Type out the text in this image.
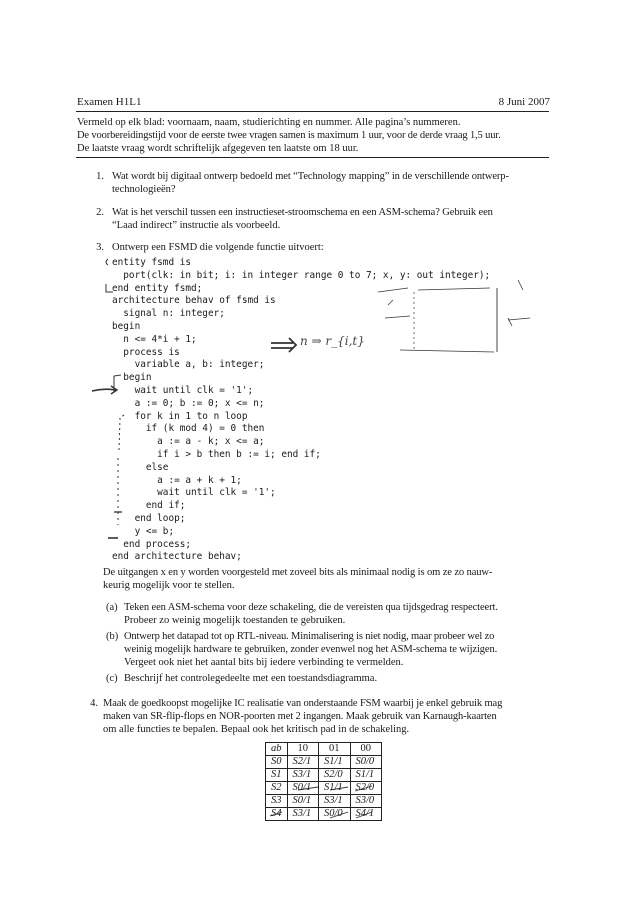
Examen H1L1	8 Juni 2007
Vermeld op elk blad: voornaam, naam, studierichting en nummer. Alle pagina’s nummeren.
De voorbereidingstijd voor de eerste twee vragen samen is maximum 1 uur, voor de derde vraag 1,5 uur.
De laatste vraag wordt schriftelijk afgegeven ten laatste om 18 uur.
1. Wat wordt bij digitaal ontwerp bedoeld met “Technology mapping” in de verschillende ontwerp-
technologieën?
2. Wat is het verschil tussen een instructieset-stroomschema en een ASM-schema? Gebruik een
“Laad indirect” instructie als voorbeeld.
3. Ontwerp een FSMD die volgende functie uitvoert:
entity fsmd is
port(clk: in bit; i: in integer range 0 to 7; x, y: out integer);
end entity fsmd;
architecture behav of fsmd is
signal n: integer;
begin
n <= 4*i + 1;
process is
variable a, b: integer;
begin
wait until clk = '1';
a := 0; b := 0; x <= n;
for k in 1 to n loop
if (k mod 4) = 0 then
a := a - k; x <= a;
if i > b then b := i; end if;
else
a := a + k + 1;
wait until clk = '1';
end if;
end loop;
y <= b;
end process;
end architecture behav;
n ⇒ r_{i,t}
De uitgangen x en y worden voorgesteld met zoveel bits als minimaal nodig is om ze zo nauw-
keurig mogelijk voor te stellen.
(a) Teken een ASM-schema voor deze schakeling, die de vereisten qua tijdsgedrag respecteert.
Probeer zo weinig mogelijk toestanden te gebruiken.
(b) Ontwerp het datapad tot op RTL-niveau. Minimalisering is niet nodig, maar probeer wel zo
weinig mogelijk hardware te gebruiken, zonder evenwel nog het ASM-schema te wijzigen.
Vergeet ook niet het aantal bits bij iedere verbinding te vermelden.
(c) Beschrijf het controlegedeelte met een toestandsdiagramma.
4. Maak de goedkoopst mogelijke IC realisatie van onderstaande FSM waarbij je enkel gebruik mag
maken van SR-flip-flops en NOR-poorten met 2 ingangen. Maak gebruik van Karnaugh-kaarten
om alle functies te bepalen. Bepaal ook het kritisch pad in de schakeling.
ab	10	01	00
S0	S2/1	S1/1	S0/0
S1	S3/1	S2/0	S1/1
S2	S0/1	S1/1	S2/0
S3	S0/1	S3/1	S3/0
S4	S3/1	S0/0	S4/1
